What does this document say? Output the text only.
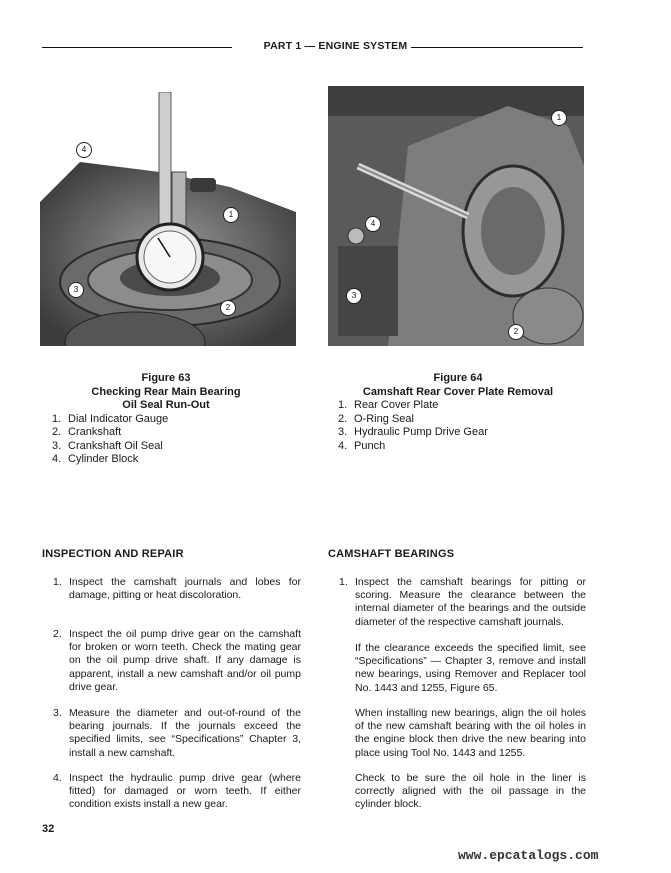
PART 1 — ENGINE SYSTEM
1
2
3
4
1
2
3
4
Figure 63
Checking Rear Main Bearing
Oil Seal Run-Out
1. Dial Indicator Gauge
2. Crankshaft
3. Crankshaft Oil Seal
4. Cylinder Block
Figure 64
Camshaft Rear Cover Plate Removal
1. Rear Cover Plate
2. O-Ring Seal
3. Hydraulic Pump Drive Gear
4. Punch
INSPECTION AND REPAIR
1. Inspect the camshaft journals and lobes for damage, pitting or heat discoloration.
2. Inspect the oil pump drive gear on the camshaft for broken or worn teeth. Check the mating gear on the oil pump drive shaft. If any damage is apparent, install a new camshaft and/or oil pump drive gear.
3. Measure the diameter and out-of-round of the bearing journals. If the journals exceed the specified limits, see “Specifications” Chapter 3, install a new camshaft.
4. Inspect the hydraulic pump drive gear (where fitted) for damaged or worn teeth. If either condition exists install a new gear.
CAMSHAFT BEARINGS
1. Inspect the camshaft bearings for pitting or scoring. Measure the clearance between the internal diameter of the bearings and the outside diameter of the respective camshaft journals.
If the clearance exceeds the specified limit, see “Specifications” — Chapter 3, remove and install new bearings, using Remover and Replacer tool No. 1443 and 1255, Figure 65.
When installing new bearings, align the oil holes of the new camshaft bearing with the oil holes in the engine block then drive the new bearing into place using Tool No. 1443 and 1255.
Check to be sure the oil hole in the liner is correctly aligned with the oil passage in the cylinder block.
32
www.epcatalogs.com
